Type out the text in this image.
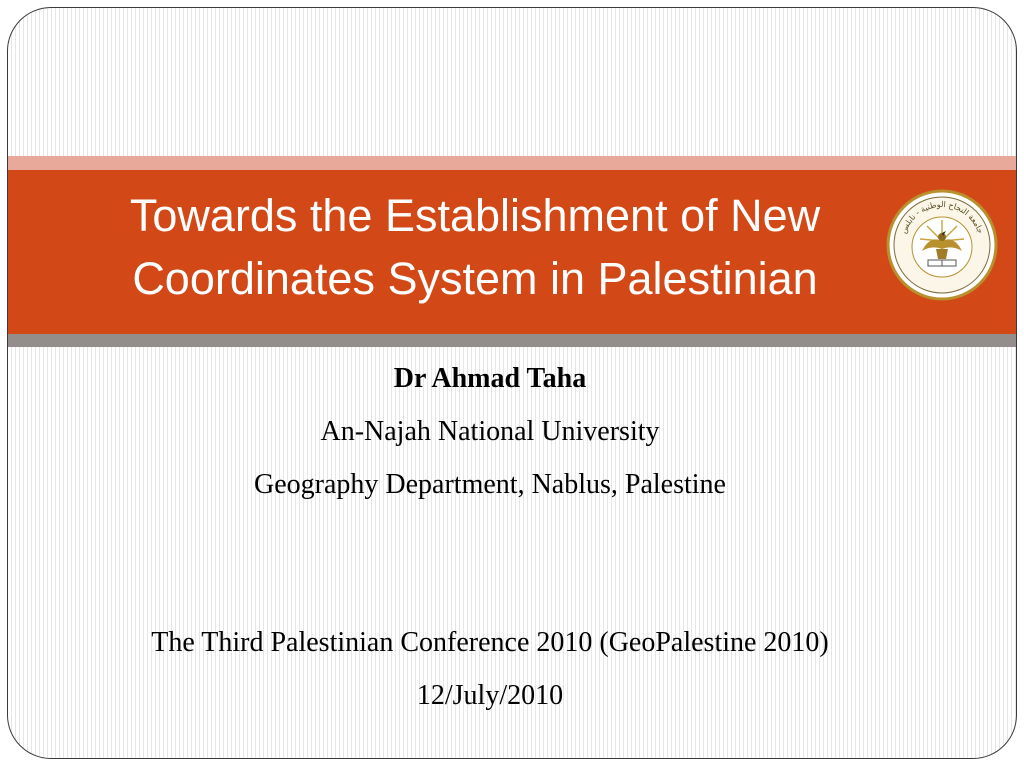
Towards the Establishment of New
Coordinates System in Palestinian
جامعة النجاح الوطنية - نابلس
Dr Ahmad Taha
An-Najah National University
Geography Department, Nablus, Palestine
The Third Palestinian Conference 2010 (GeoPalestine 2010)
12/July/2010
